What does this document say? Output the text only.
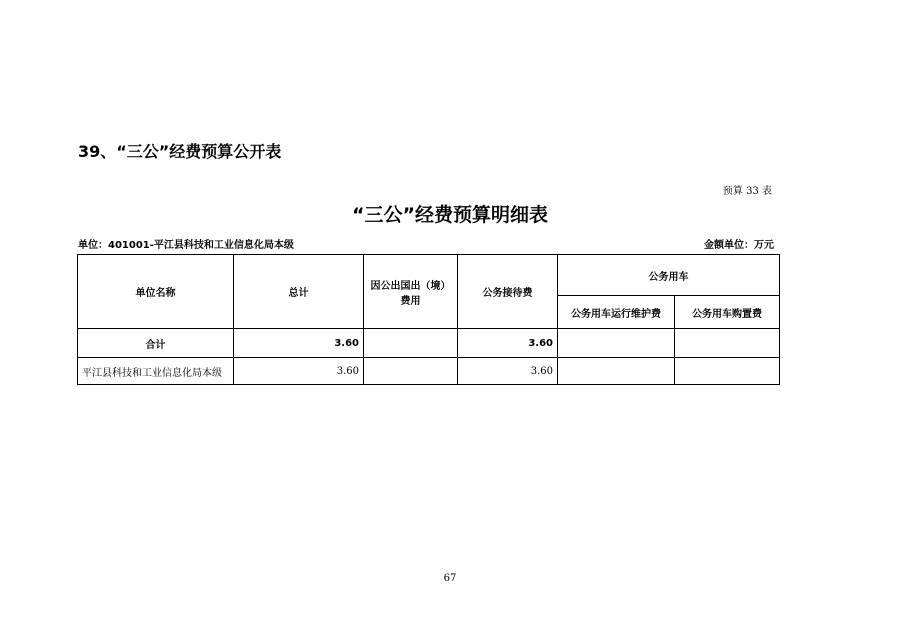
39、“三公”经费预算公开表
预算 33 表
“三公”经费预算明细表
单位：401001-平江县科技和工业信息化局本级	金额单位：万元
单位名称	总计	因公出国出（境）费用	公务接待费	公务用车	
				公务用车运行维护费	公务用车购置费
合计	3.60		3.60		
平江县科技和工业信息化局本级	3.60		3.60		
67
